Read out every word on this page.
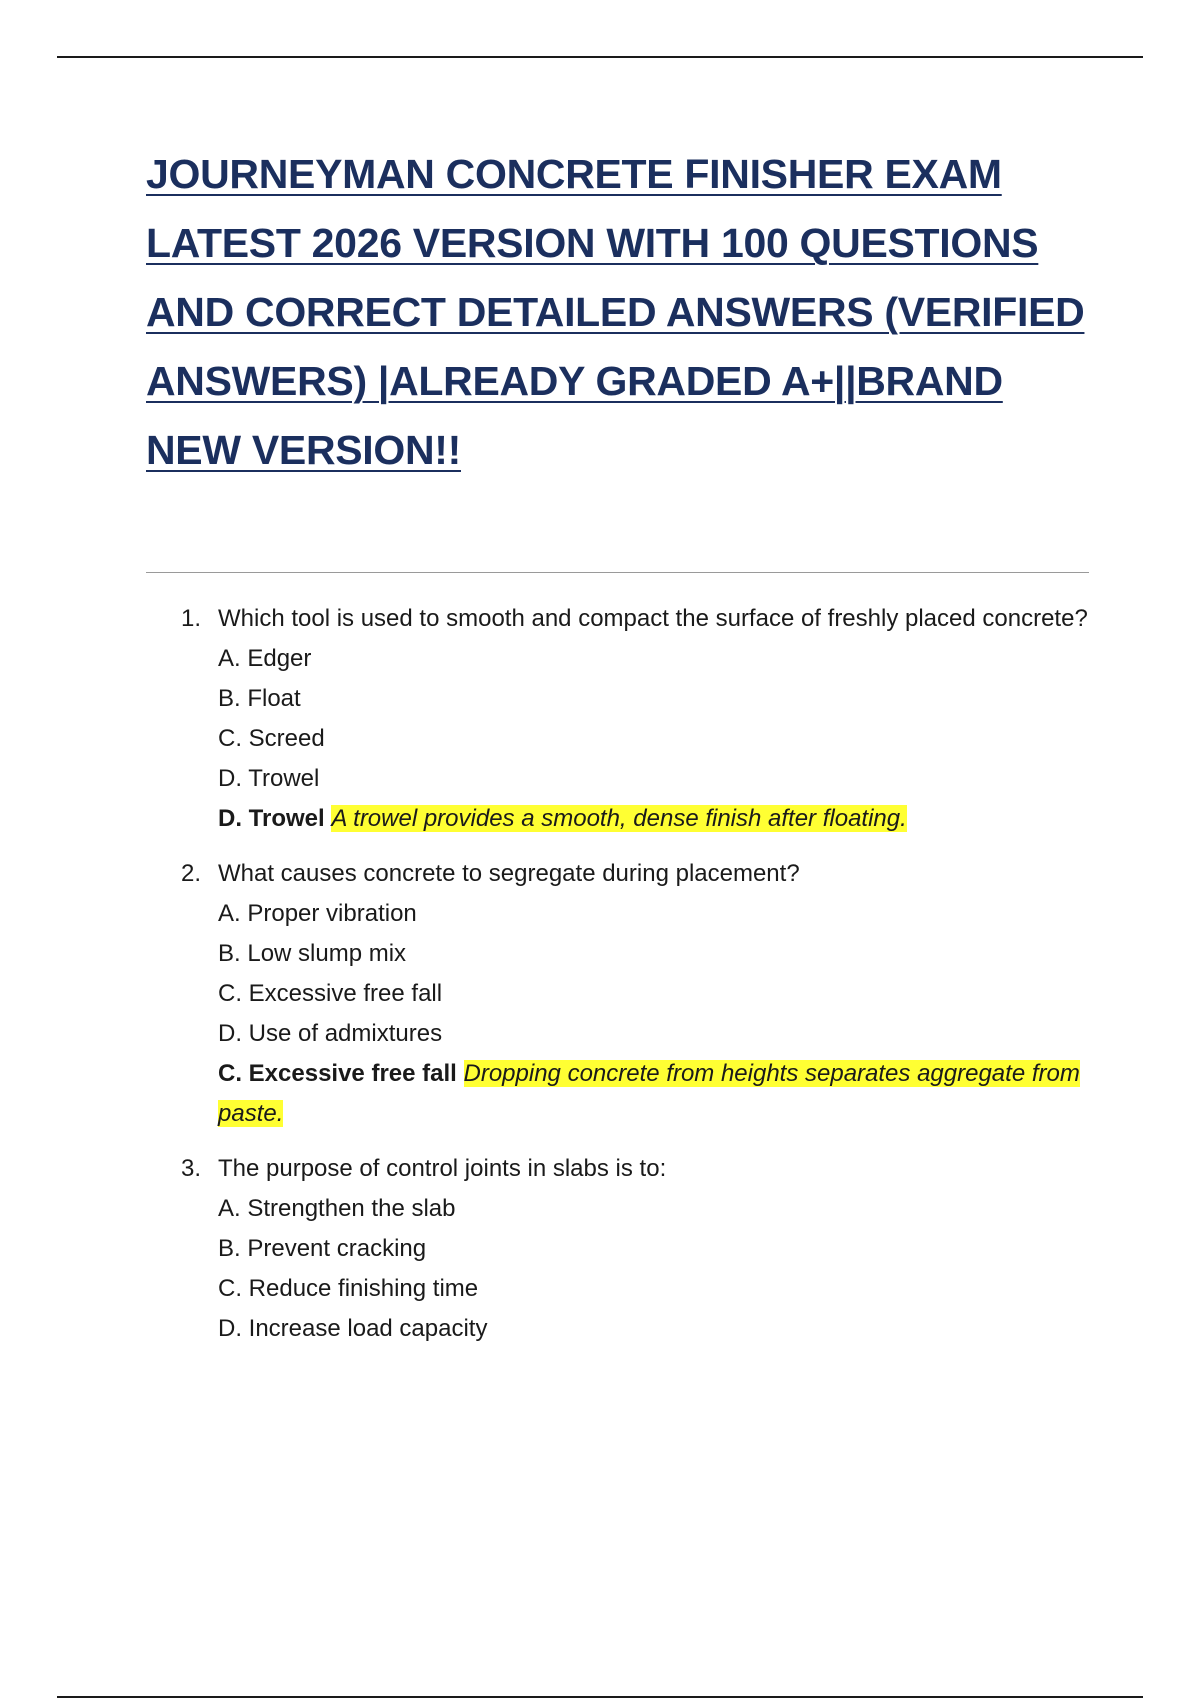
JOURNEYMAN CONCRETE FINISHER EXAM LATEST 2026 VERSION WITH 100 QUESTIONS AND CORRECT DETAILED ANSWERS (VERIFIED ANSWERS) |ALREADY GRADED A+||BRAND NEW VERSION!!
1. Which tool is used to smooth and compact the surface of freshly placed concrete?

A. Edger

B. Float

C. Screed

D. Trowel

D. Trowel A trowel provides a smooth, dense finish after floating.

2. What causes concrete to segregate during placement?

A. Proper vibration

B. Low slump mix

C. Excessive free fall

D. Use of admixtures

C. Excessive free fall Dropping concrete from heights separates aggregate from paste.

3. The purpose of control joints in slabs is to:

A. Strengthen the slab

B. Prevent cracking

C. Reduce finishing time

D. Increase load capacity
